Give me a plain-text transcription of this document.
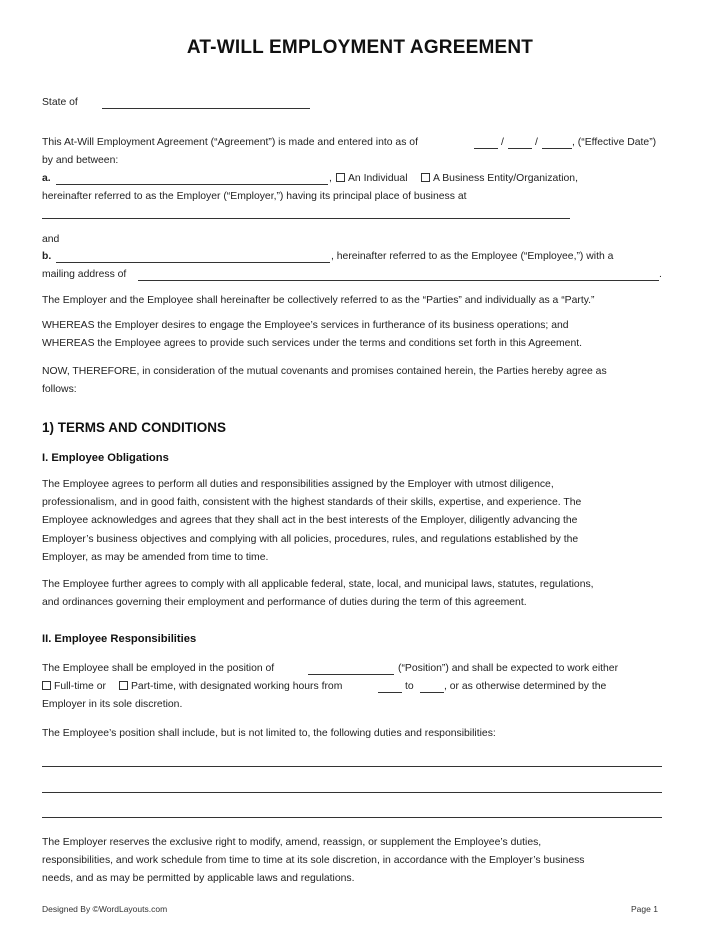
AT-WILL EMPLOYMENT AGREEMENT
State of
This At-Will Employment Agreement (“Agreement”) is made and entered into as of	/	/	, (“Effective Date”)
by and between:
a.	,	An Individual	A Business Entity/Organization,
hereinafter referred to as the Employer (“Employer,”) having its principal place of business at
and
b.	, hereinafter referred to as the Employee (“Employee,”) with a
mailing address of	.
The Employer and the Employee shall hereinafter be collectively referred to as the “Parties” and individually as a “Party.”
WHEREAS the Employer desires to engage the Employee’s services in furtherance of its business operations; and
WHEREAS the Employee agrees to provide such services under the terms and conditions set forth in this Agreement.
NOW, THEREFORE, in consideration of the mutual covenants and promises contained herein, the Parties hereby agree as
follows:
1) TERMS AND CONDITIONS
I. Employee Obligations
The Employee agrees to perform all duties and responsibilities assigned by the Employer with utmost diligence,
professionalism, and in good faith, consistent with the highest standards of their skills, expertise, and experience. The
Employee acknowledges and agrees that they shall act in the best interests of the Employer, diligently advancing the
Employer’s business objectives and complying with all policies, procedures, rules, and regulations established by the
Employer, as may be amended from time to time.
The Employee further agrees to comply with all applicable federal, state, local, and municipal laws, statutes, regulations,
and ordinances governing their employment and performance of duties during the term of this agreement.
II. Employee Responsibilities
The Employee shall be employed in the position of	(“Position”) and shall be expected to work either
Full-time or	Part-time, with designated working hours from	to	, or as otherwise determined by the
Employer in its sole discretion.
The Employee’s position shall include, but is not limited to, the following duties and responsibilities:
The Employer reserves the exclusive right to modify, amend, reassign, or supplement the Employee’s duties,
responsibilities, and work schedule from time to time at its sole discretion, in accordance with the Employer’s business
needs, and as may be permitted by applicable laws and regulations.
Designed By ©WordLayouts.com	Page 1
